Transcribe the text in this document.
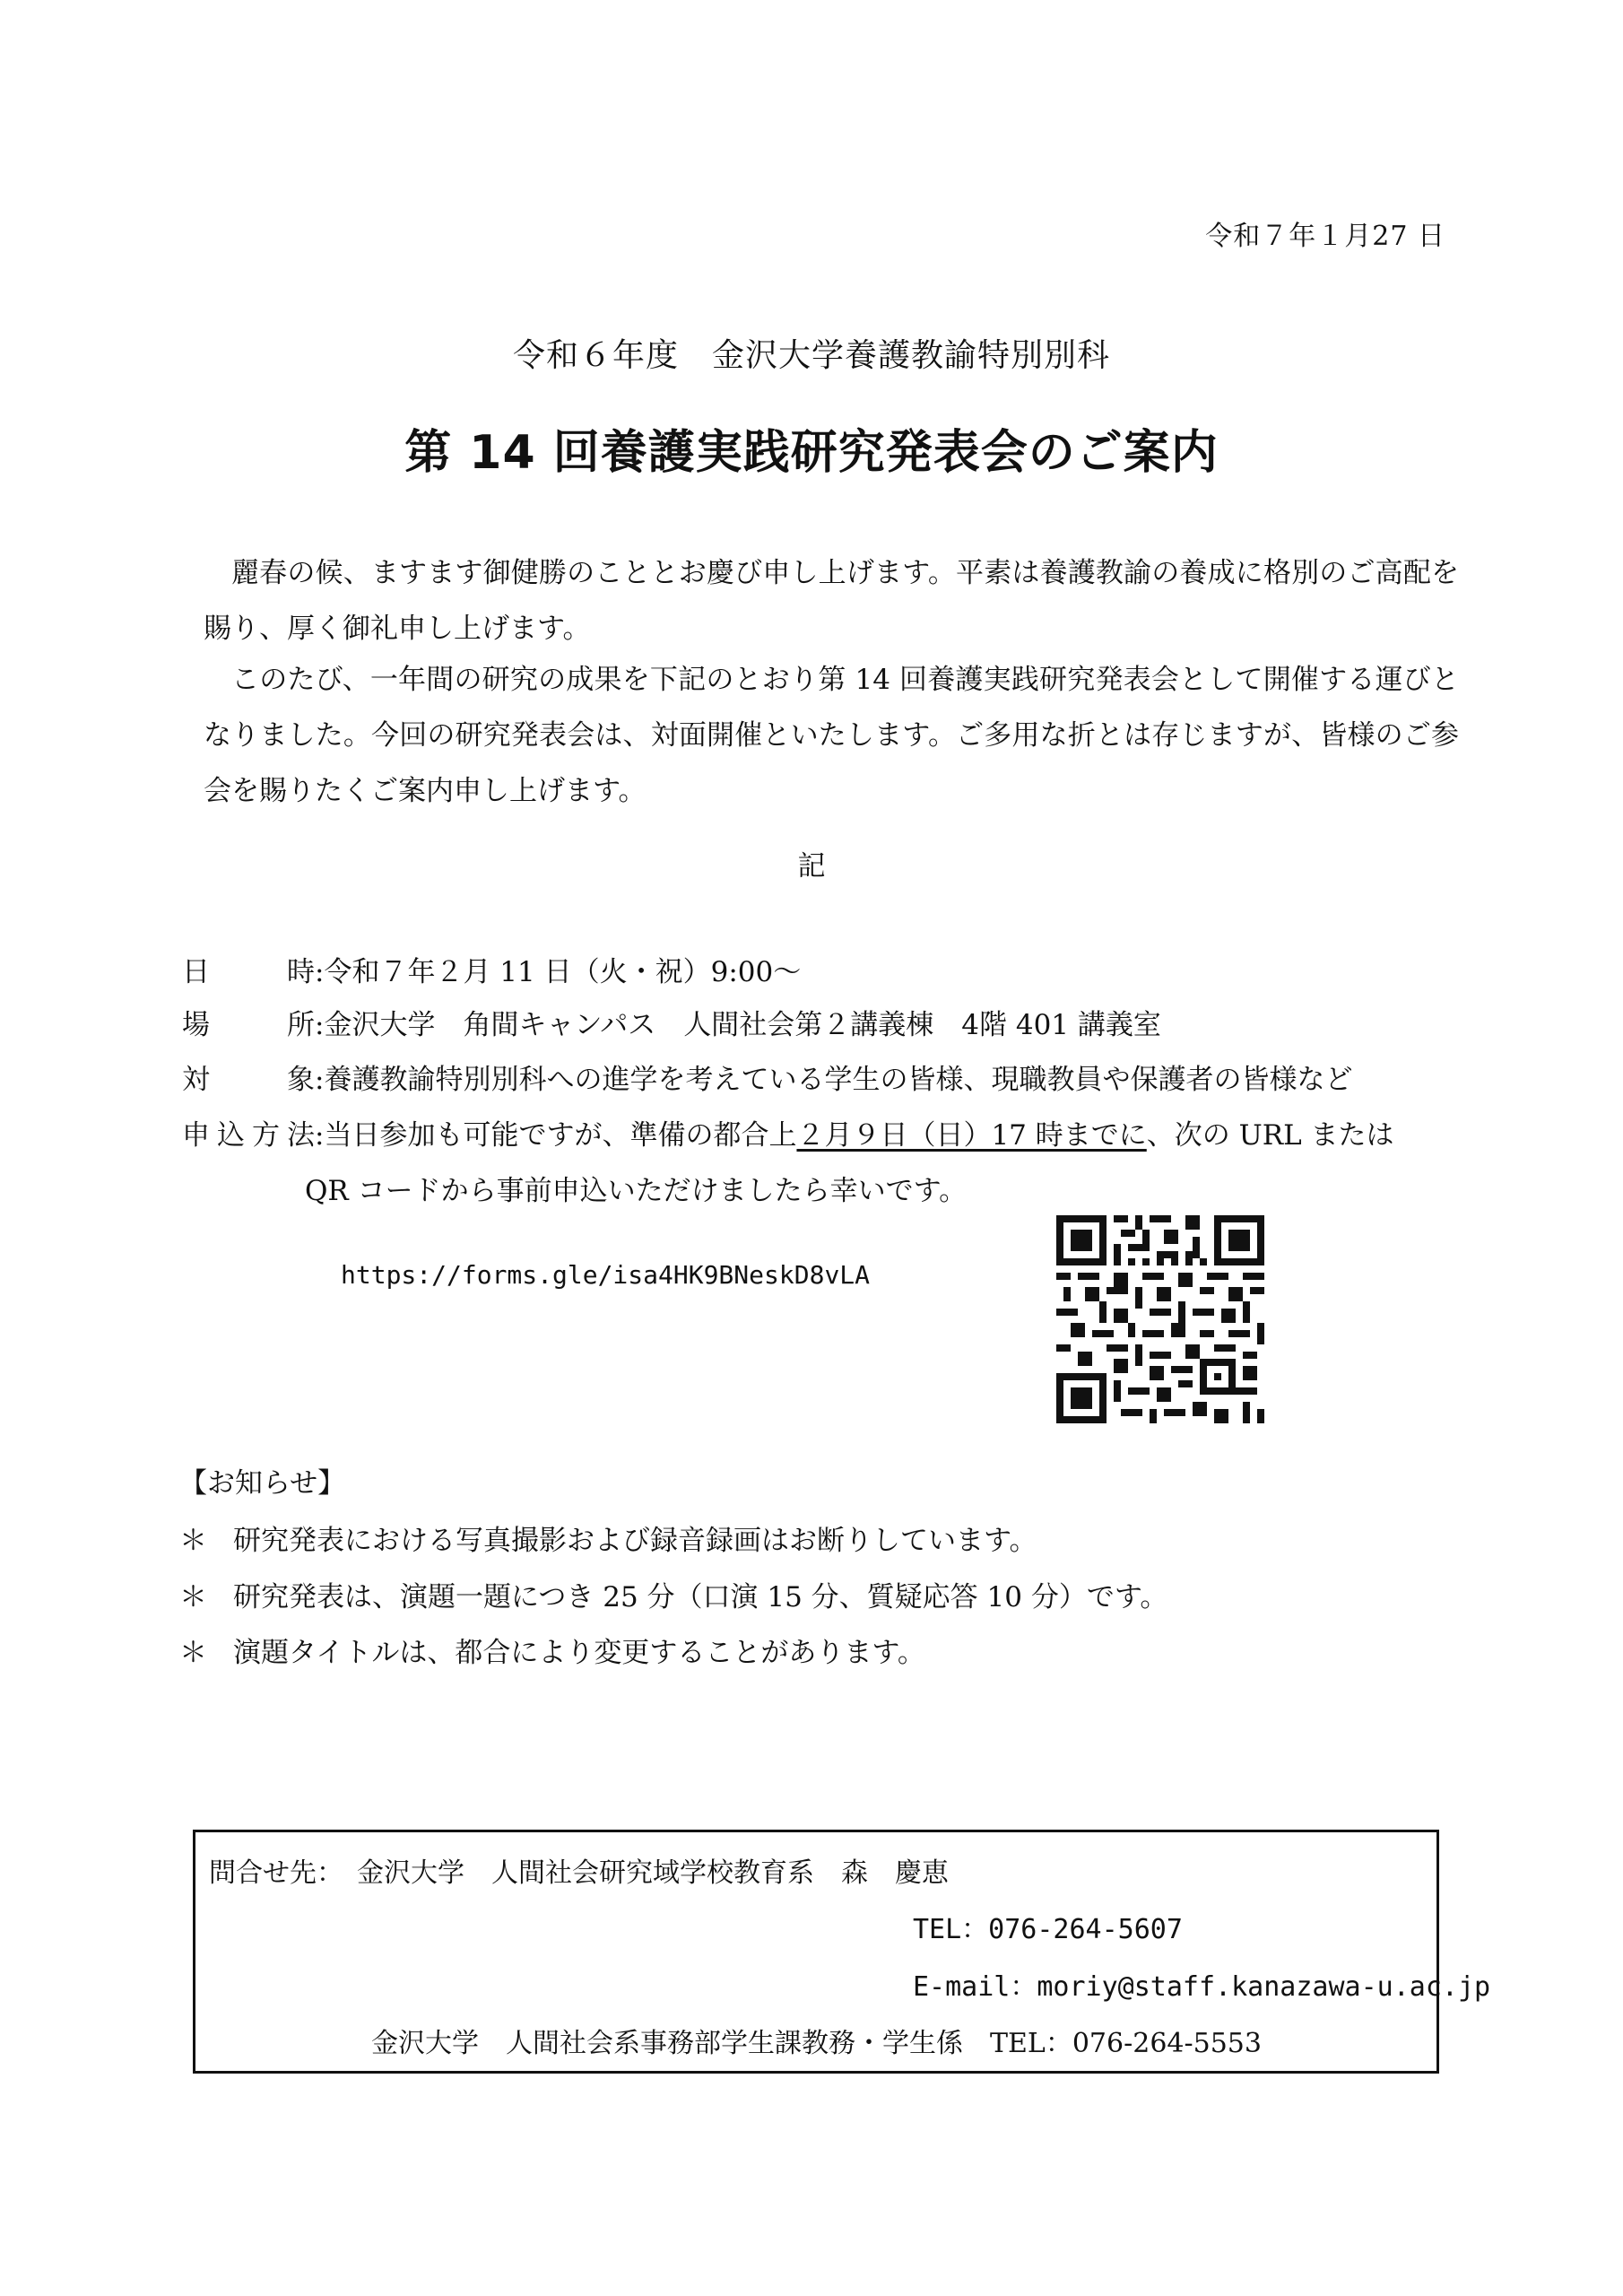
令和７年１月27 日
令和６年度　金沢大学養護教諭特別別科
第 14 回養護実践研究発表会のご案内

麗春の候、ますます御健勝のこととお慶び申し上げます。平素は養護教諭の養成に格別のご高配を賜り、厚く御礼申し上げます。

このたび、一年間の研究の成果を下記のとおり第 14 回養護実践研究発表会として開催する運びとなりました。今回の研究発表会は、対面開催といたします。ご多用な折とは存じますが、皆様のご参会を賜りたくご案内申し上げます。

記
日　時:令和７年２月 11 日（火・祝）9:00～
場　所:金沢大学　角間キャンパス　人間社会第２講義棟　4階 401 講義室
対　象:養護教諭特別別科への進学を考えている学生の皆様、現職教員や保護者の皆様など
申込方法:当日参加も可能ですが、準備の都合上２月９日（日）17 時までに、次の URL または
QR コードから事前申込いただけましたら幸いです。
https://forms.gle/isa4HK9BNeskD8vLA
【お知らせ】
＊ 研究発表における写真撮影および録音録画はお断りしています。
＊ 研究発表は、演題一題につき 25 分（口演 15 分、質疑応答 10 分）です。
＊ 演題タイトルは、都合により変更することがあります。
問合せ先：　金沢大学　人間社会研究域学校教育系　森　慶恵
TEL：076-264-5607
E-mail：moriy@staff.kanazawa-u.ac.jp
金沢大学　人間社会系事務部学生課教務・学生係　TEL：076-264-5553
